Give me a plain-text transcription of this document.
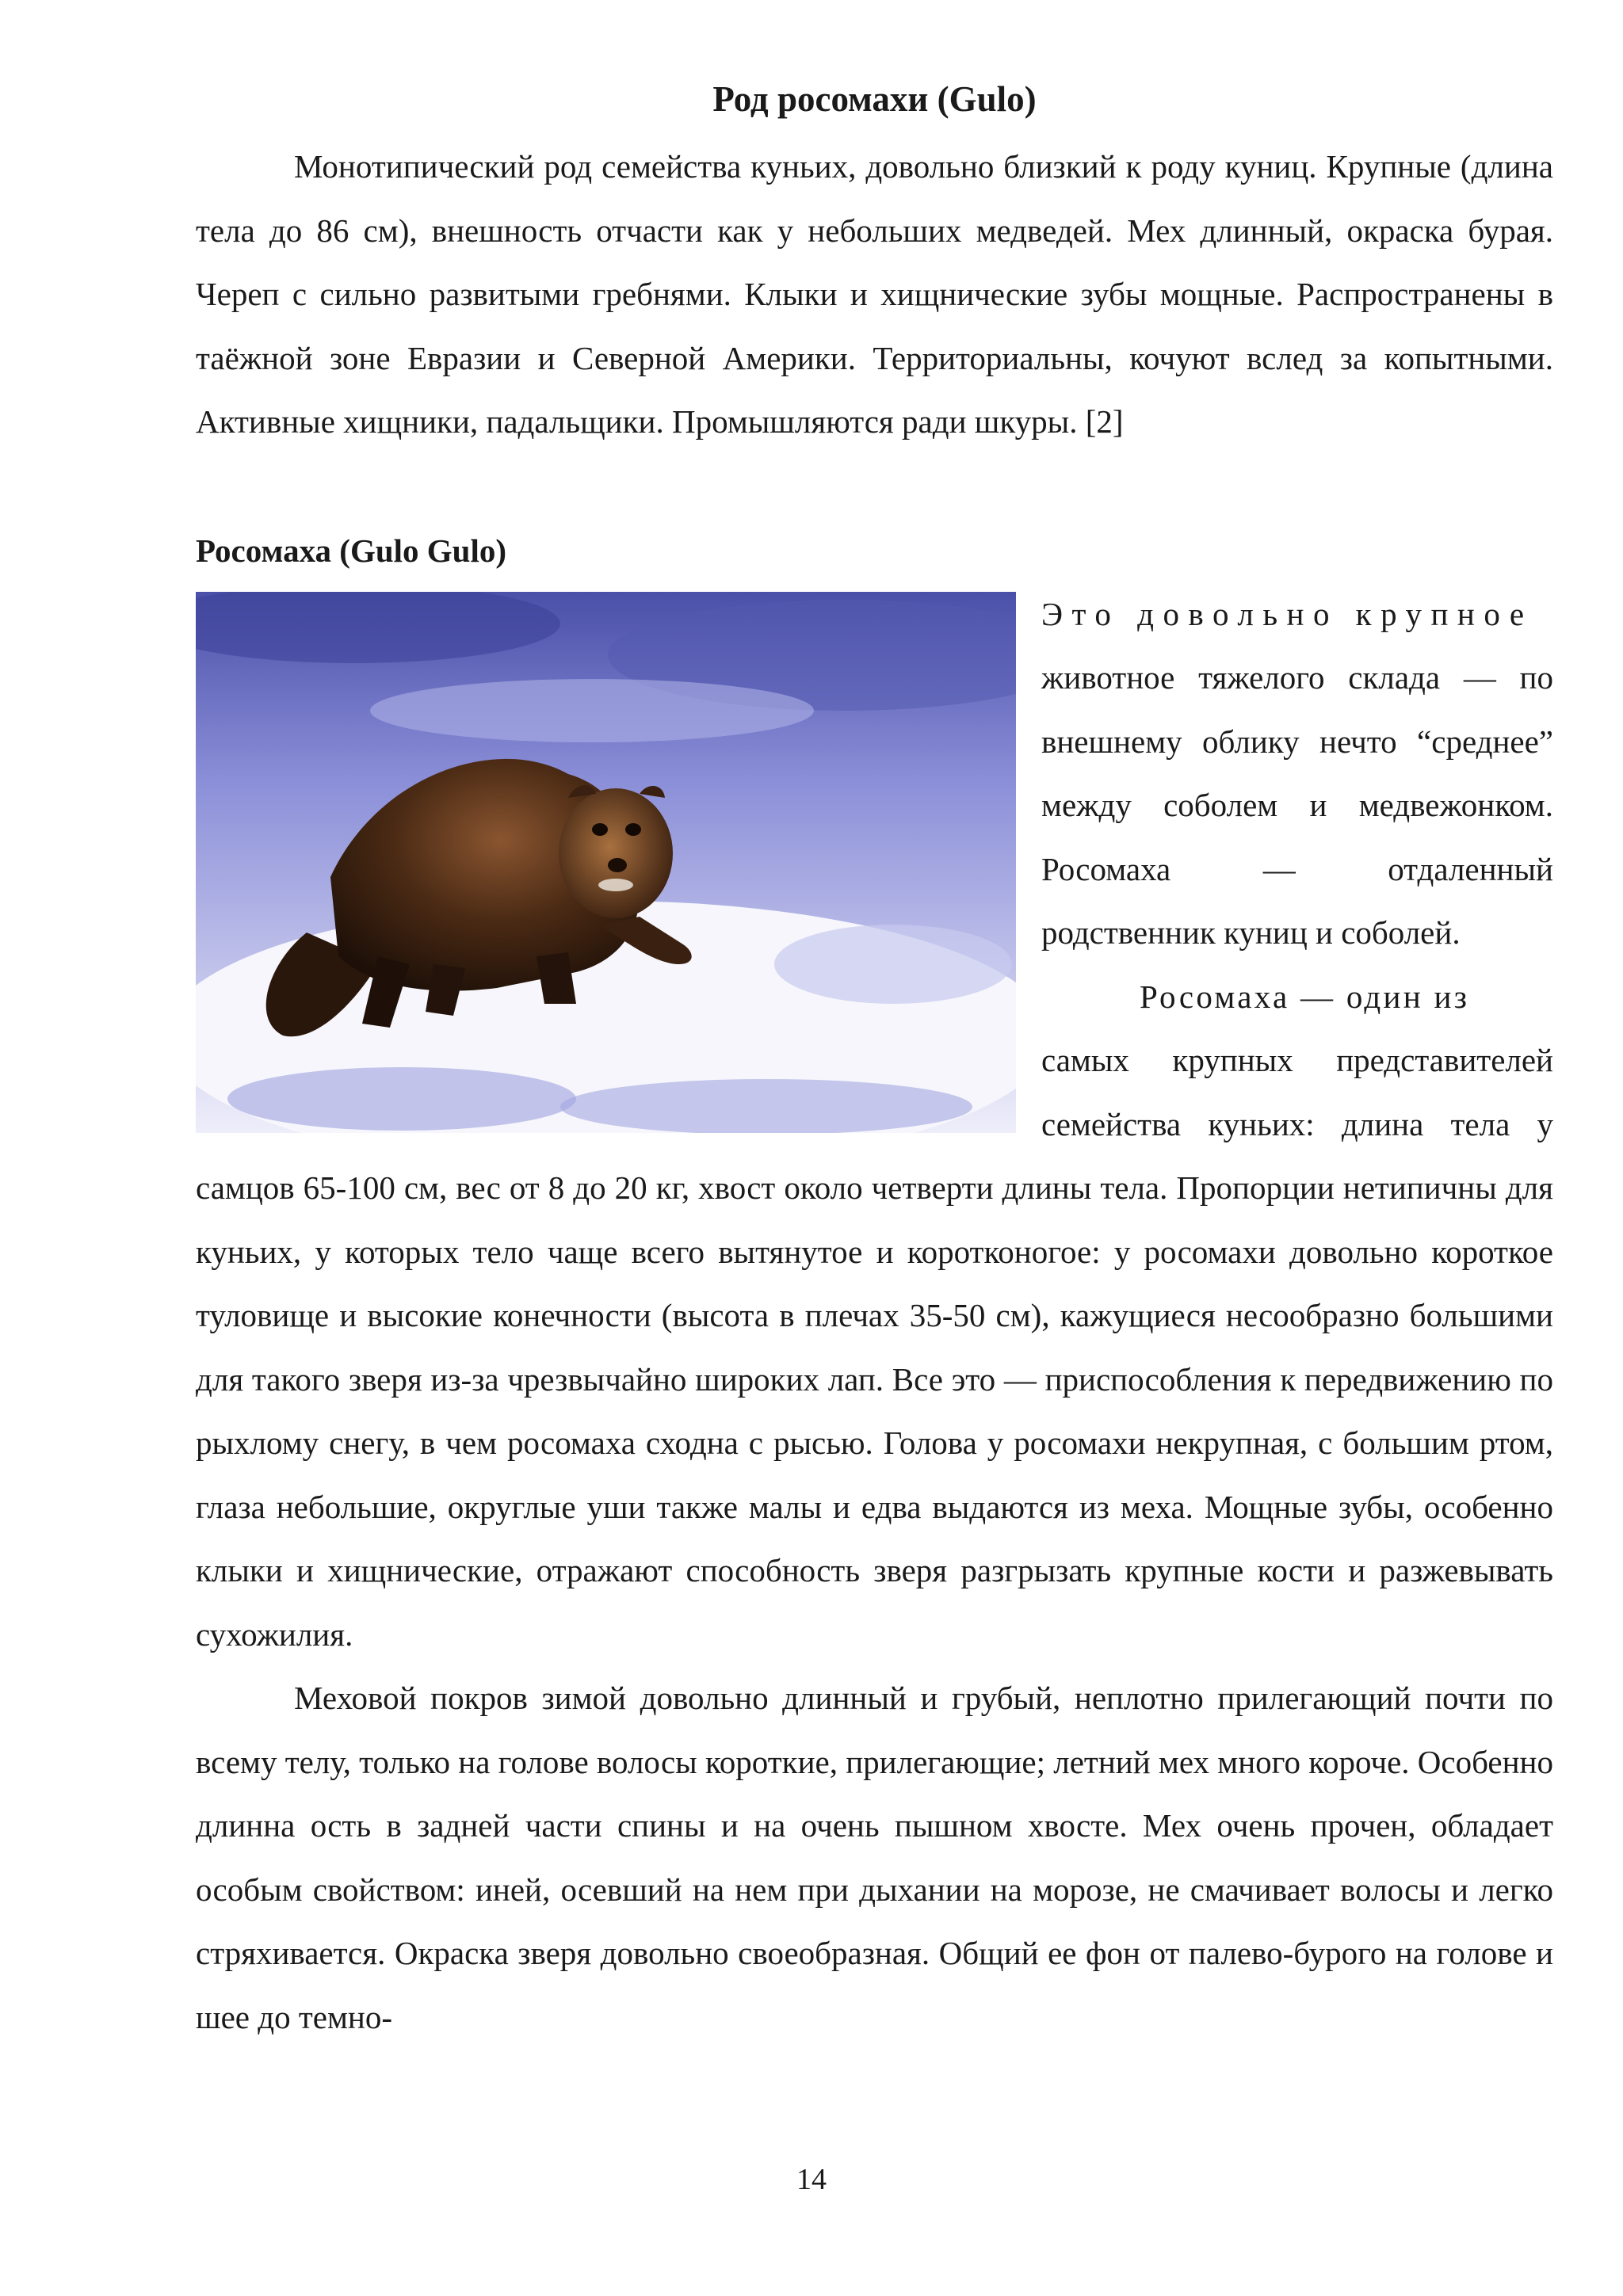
Род росомахи (Gulo)

Монотипический род семейства куньих, довольно близкий к роду куниц. Крупные (длина тела до 86 см), внешность отчасти как у небольших медведей. Мех длинный, окраска бурая. Череп с сильно развитыми гребнями. Клыки и хищнические зубы мощные. Распространены в таёжной зоне Евразии и Северной Америки. Территориальны, кочуют вслед за копытными. Активные хищники, падальщики. Промышляются ради шкуры. [2]

Росомаха (Gulo Gulo)

Это довольно крупное

животное тяжелого склада — по внешнему облику нечто “среднее” между соболем и медвежонком. Росомаха — отдаленный родственник куниц и соболей.

Росомаха — один из

самых крупных представителей семейства куньих: длина тела у самцов 65-100 см, вес от 8 до 20 кг, хвост около четверти длины тела. Пропорции нетипичны для куньих, у которых тело чаще всего вытянутое и коротконогое: у росомахи довольно короткое туловище и высокие конечности (высота в плечах 35-50 см), кажущиеся несообразно большими для такого зверя из-за чрезвычайно широких лап. Все это — приспособления к передвижению по рыхлому снегу, в чем росомаха сходна с рысью. Голова у росомахи некрупная, с большим ртом, глаза небольшие, округлые уши также малы и едва выдаются из меха. Мощные зубы, особенно клыки и хищнические, отражают способность зверя разгрызать крупные кости и разжевывать сухожилия.

Меховой покров зимой довольно длинный и грубый, неплотно прилегающий почти по всему телу, только на голове волосы короткие, прилегающие; летний мех много короче. Особенно длинна ость в задней части спины и на очень пышном хвосте. Мех очень прочен, обладает особым свойством: иней, осевший на нем при дыхании на морозе, не смачивает волосы и легко стряхивается. Окраска зверя довольно своеобразная. Общий ее фон от палево-бурого на голове и шее до темно-

14
